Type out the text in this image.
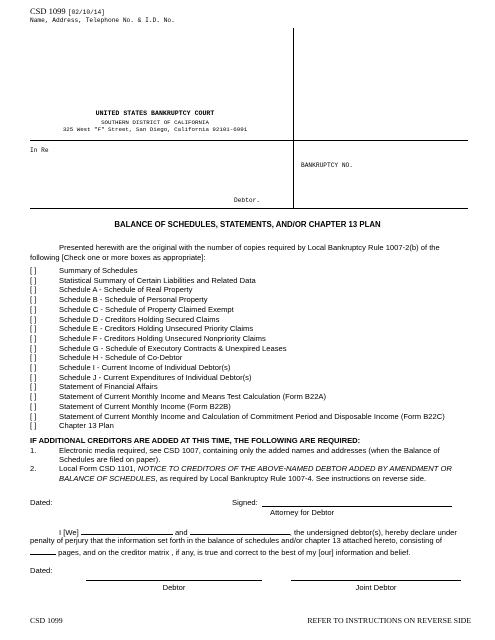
CSD 1099 [02/10/14]
Name, Address, Telephone No. & I.D. No.
UNITED STATES BANKRUPTCY COURT
SOUTHERN DISTRICT OF CALIFORNIA
325 West "F" Street, San Diego, California 92101-6991
In Re
BANKRUPTCY NO.
Debtor.
BALANCE OF SCHEDULES, STATEMENTS, AND/OR CHAPTER 13 PLAN
Presented herewith are the original with the number of copies required by Local Bankruptcy Rule 1007-2(b) of the
following [Check one or more boxes as appropriate]:
[ ]	Summary of Schedules
[ ]	Statistical Summary of Certain Liabilities and Related Data
[ ]	Schedule A - Schedule of Real Property
[ ]	Schedule B - Schedule of Personal Property
[ ]	Schedule C - Schedule of Property Claimed Exempt
[ ]	Schedule D - Creditors Holding Secured Claims
[ ]	Schedule E - Creditors Holding Unsecured Priority Claims
[ ]	Schedule F - Creditors Holding Unsecured Nonpriority Claims
[ ]	Schedule G - Schedule of Executory Contracts & Unexpired Leases
[ ]	Schedule H - Schedule of Co-Debtor
[ ]	Schedule I - Current Income of Individual Debtor(s)
[ ]	Schedule J - Current Expenditures of Individual Debtor(s)
[ ]	Statement of Financial Affairs
[ ]	Statement of Current Monthly Income and Means Test Calculation (Form B22A)
[ ]	Statement of Current Monthly Income (Form B22B)
[ ]	Statement of Current Monthly Income and Calculation of Commitment Period and Disposable Income (Form B22C)
[ ]	Chapter 13 Plan
IF ADDITIONAL CREDITORS ARE ADDED AT THIS TIME, THE FOLLOWING ARE REQUIRED:
1.	Electronic media required, see CSD 1007, containing only the added names and addresses (when the Balance of
Schedules are filed on paper).
2.	Local Form CSD 1101, NOTICE TO CREDITORS OF THE ABOVE-NAMED DEBTOR ADDED BY AMENDMENT OR
BALANCE OF SCHEDULES, as required by Local Bankruptcy Rule 1007-4. See instructions on reverse side.
Dated:	Signed:
Attorney for Debtor
I [We]	and	, the undersigned debtor(s), hereby declare under
penalty of perjury that the information set forth in the balance of schedules and/or chapter 13 attached hereto, consisting of
pages, and on the creditor matrix , if any, is true and correct to the best of my [our] information and belief.
Dated:
Debtor	Joint Debtor
CSD 1099	REFER TO INSTRUCTIONS ON REVERSE SIDE
